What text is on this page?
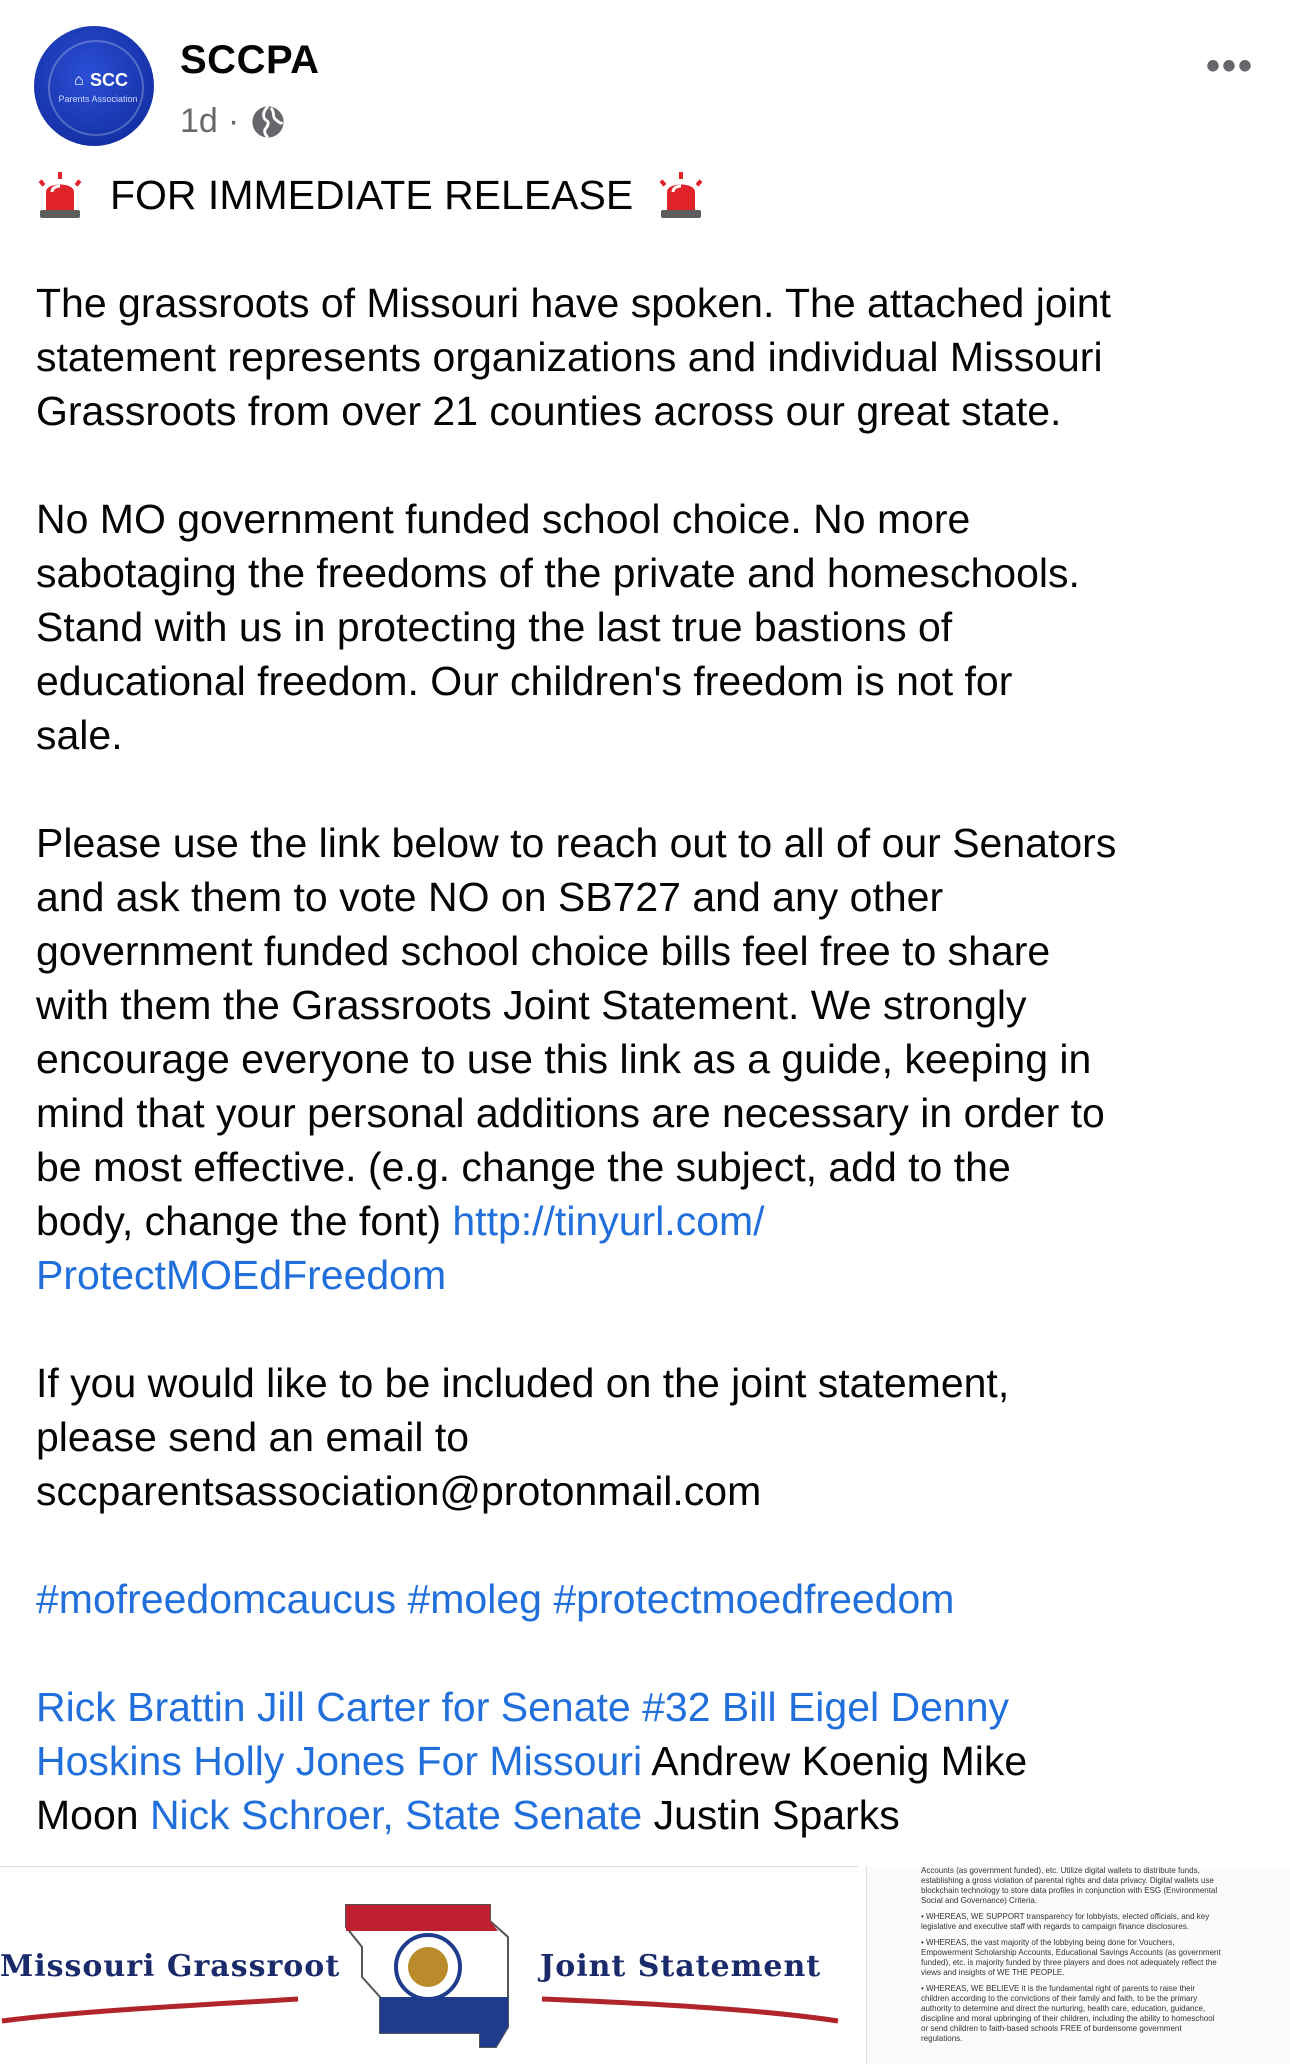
⌂ SCC
Parents Association
SCCPA
1d ·
•••
FOR IMMEDIATE RELEASE
The grassroots of Missouri have spoken. The attached joint
statement represents organizations and individual Missouri
Grassroots from over 21 counties across our great state.
No MO government funded school choice. No more
sabotaging the freedoms of the private and homeschools.
Stand with us in protecting the last true bastions of
educational freedom. Our children's freedom is not for
sale.
Please use the link below to reach out to all of our Senators
and ask them to vote NO on SB727 and any other
government funded school choice bills feel free to share
with them the Grassroots Joint Statement. We strongly
encourage everyone to use this link as a guide, keeping in
mind that your personal additions are necessary in order to
be most effective. (e.g. change the subject, add to the
body, change the font) http://tinyurl.com/
ProtectMOEdFreedom
If you would like to be included on the joint statement,
please send an email to
sccparentsassociation@protonmail.com
#mofreedomcaucus #moleg #protectmoedfreedom
Rick Brattin Jill Carter for Senate #32 Bill Eigel Denny
Hoskins Holly Jones For Missouri Andrew Koenig Mike
Moon Nick Schroer, State Senate Justin Sparks
Missouri Grassroot	Joint Statement
Accounts (as government funded), etc. Utilize digital wallets to distribute funds,
establishing a gross violation of parental rights and data privacy. Digital wallets use
blockchain technology to store data profiles in conjunction with ESG (Environmental
Social and Governance) Criteria.
• WHEREAS, WE SUPPORT transparency for lobbyists, elected officials, and key
legislative and executive staff with regards to campaign finance disclosures.
• WHEREAS, the vast majority of the lobbying being done for Vouchers,
Empowerment Scholarship Accounts, Educational Savings Accounts (as government
funded), etc. is majority funded by three players and does not adequately reflect the
views and insights of WE THE PEOPLE.
• WHEREAS, WE BELIEVE it is the fundamental right of parents to raise their
children according to the convictions of their family and faith, to be the primary
authority to determine and direct the nurturing, health care, education, guidance,
discipline and moral upbringing of their children, including the ability to homeschool
or send children to faith-based schools FREE of burdensome government
regulations.
